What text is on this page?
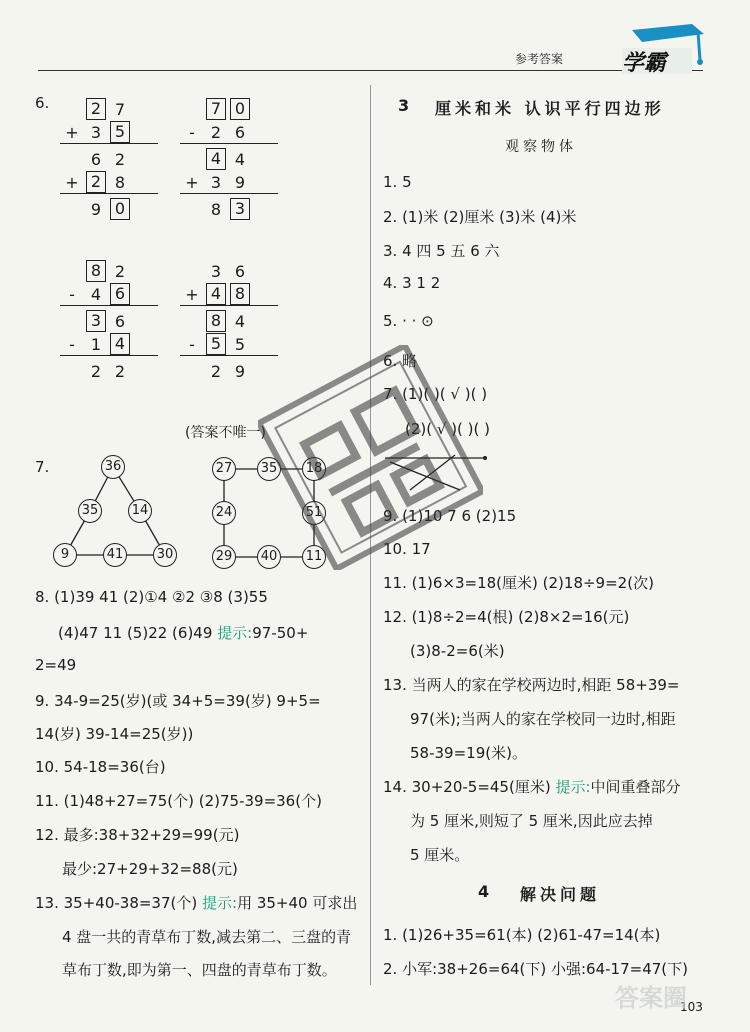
参考答案	学霸
6.	2 7
+ 3 5
6 2
+ 2 8
9 0
7 0
-	2 6
4 4
+ 3 9
8 3
8 2
-	4 6
3 6
-	1 4
2 2
3 6
+ 4 8
8 4
-	5 5
2 9
(答案不唯一)
7.	36
35	14
9	41	30
27 35 18
24	51
29 40 11
8. (1)39 41 (2)①4 ②2 ③8 (3)55
(4)47 11 (5)22 (6)49 提示:97-50+
2=49
9. 34-9=25(岁)(或 34+5=39(岁) 9+5=
14(岁) 39-14=25(岁))
10. 54-18=36(台)
11. (1)48+27=75(个) (2)75-39=36(个)
12. 最多:38+32+29=99(元)
最少:27+29+32=88(元)
13. 35+40-38=37(个) 提示:用 35+40 可求出
4 盘一共的青草布丁数,减去第二、三盘的青
草布丁数,即为第一、四盘的青草布丁数。
3 厘米和米 认识平行四边形
观察物体
1. 5
2. (1)米 (2)厘米 (3)米 (4)米
3. 4 四 5 五 6 六
4. 3 1 2
5. · · ⊙
6. 略
7. (1)( )( √ )( )
(2)( √ )( )( )
9. (1)10 7 6 (2)15
10. 17
11. (1)6×3=18(厘米) (2)18÷9=2(次)
12. (1)8÷2=4(根) (2)8×2=16(元)
(3)8-2=6(米)
13. 当两人的家在学校两边时,相距 58+39=
97(米);当两人的家在学校同一边时,相距
58-39=19(米)。
14. 30+20-5=45(厘米) 提示:中间重叠部分
为 5 厘米,则短了 5 厘米,因此应去掉
5 厘米。
4 解决问题
1. (1)26+35=61(本) (2)61-47=14(本)
2. 小军:38+26=64(下) 小强:64-17=47(下)
103
答案圈
